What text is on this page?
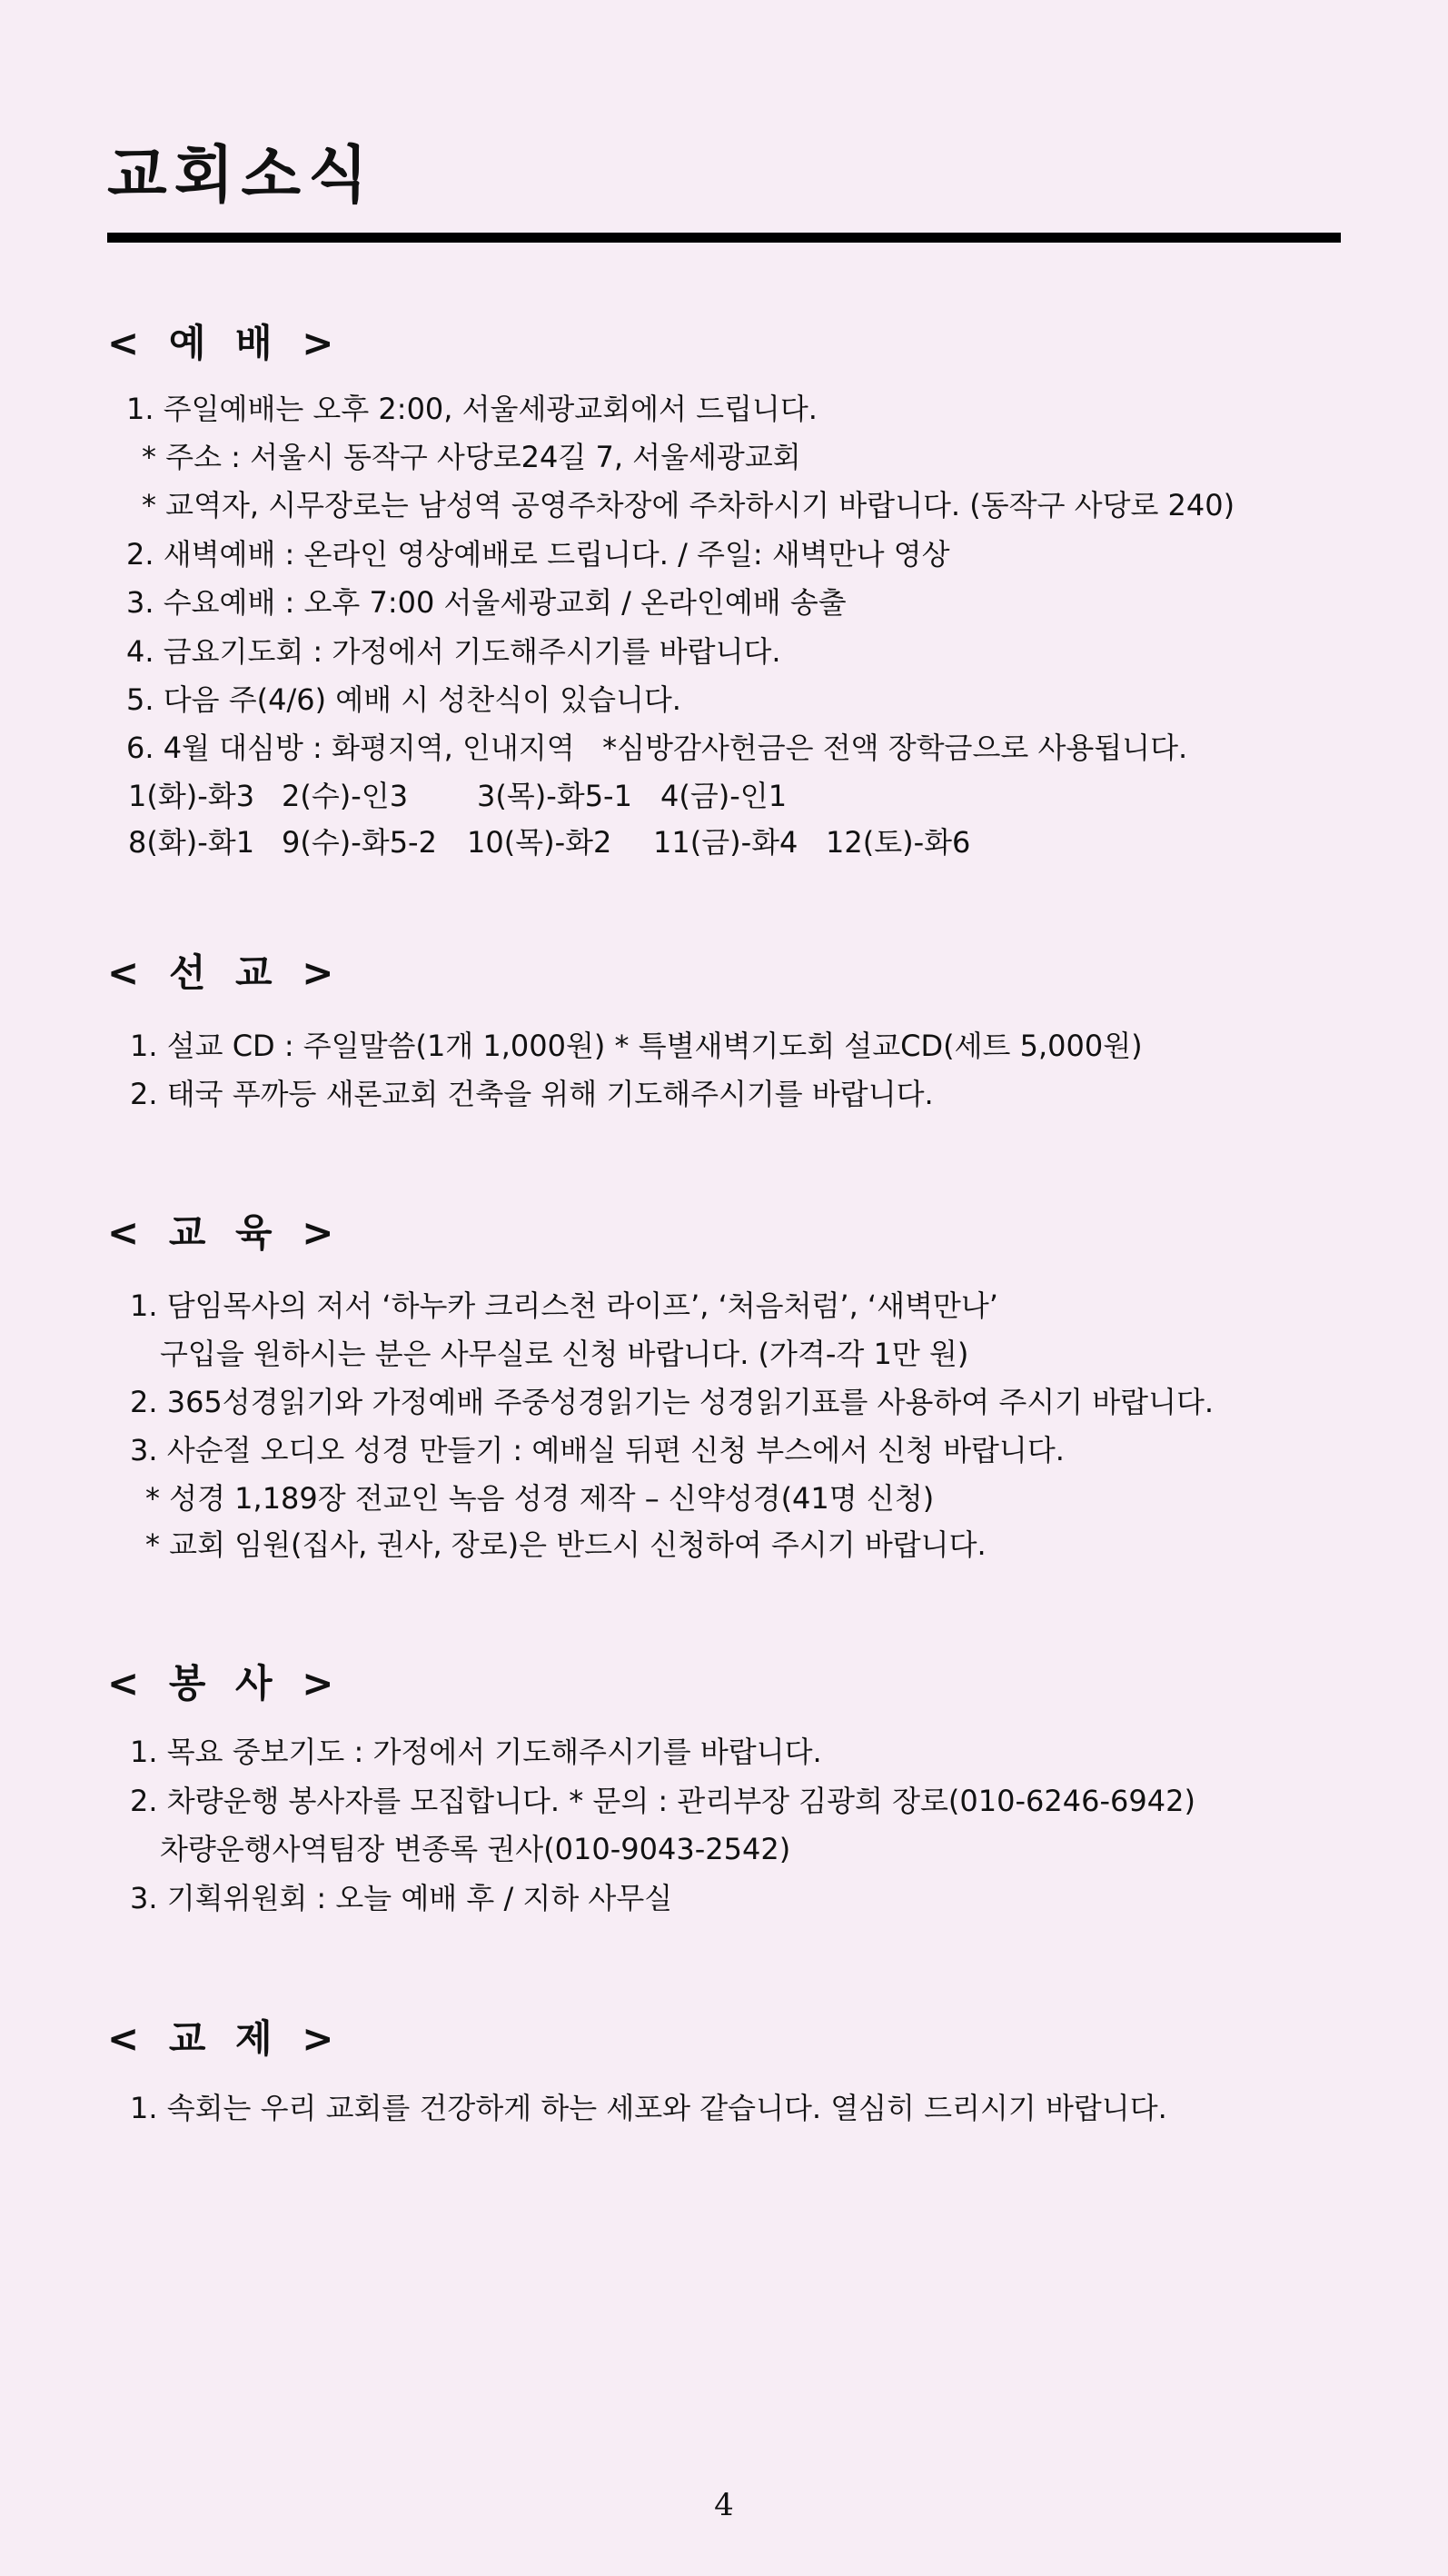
교회소식
< 예 배 >

1. 주일예배는 오후 2:00, 서울세광교회에서 드립니다.

* 주소 : 서울시 동작구 사당로24길 7, 서울세광교회

* 교역자, 시무장로는 남성역 공영주차장에 주차하시기 바랍니다. (동작구 사당로 240)

2. 새벽예배 : 온라인 영상예배로 드립니다. / 주일: 새벽만나 영상

3. 수요예배 : 오후 7:00 서울세광교회 / 온라인예배 송출

4. 금요기도회 : 가정에서 기도해주시기를 바랍니다.

5. 다음 주(4/6) 예배 시 성찬식이 있습니다.

6. 4월 대심방 : 화평지역, 인내지역   *심방감사헌금은 전액 장학금으로 사용됩니다.

1(화)-화3 2(수)-인3 3(목)-화5-1 4(금)-인1
8(화)-화1 9(수)-화5-2 10(목)-화2 11(금)-화4 12(토)-화6
< 선 교 >

1. 설교 CD : 주일말씀(1개 1,000원) * 특별새벽기도회 설교CD(세트 5,000원)

2. 태국 푸까등 새론교회 건축을 위해 기도해주시기를 바랍니다.

< 교 육 >

1. 담임목사의 저서 ‘하누카 크리스천 라이프’, ‘처음처럼’, ‘새벽만나’

구입을 원하시는 분은 사무실로 신청 바랍니다. (가격-각 1만 원)

2. 365성경읽기와 가정예배 주중성경읽기는 성경읽기표를 사용하여 주시기 바랍니다.

3. 사순절 오디오 성경 만들기 : 예배실 뒤편 신청 부스에서 신청 바랍니다.

* 성경 1,189장 전교인 녹음 성경 제작 – 신약성경(41명 신청)

* 교회 임원(집사, 권사, 장로)은 반드시 신청하여 주시기 바랍니다.

< 봉 사 >

1. 목요 중보기도 : 가정에서 기도해주시기를 바랍니다.

2. 차량운행 봉사자를 모집합니다. * 문의 : 관리부장 김광희 장로(010-6246-6942)

차량운행사역팀장 변종록 권사(010-9043-2542)

3. 기획위원회 : 오늘 예배 후 / 지하 사무실

< 교 제 >

1. 속회는 우리 교회를 건강하게 하는 세포와 같습니다. 열심히 드리시기 바랍니다.

4
